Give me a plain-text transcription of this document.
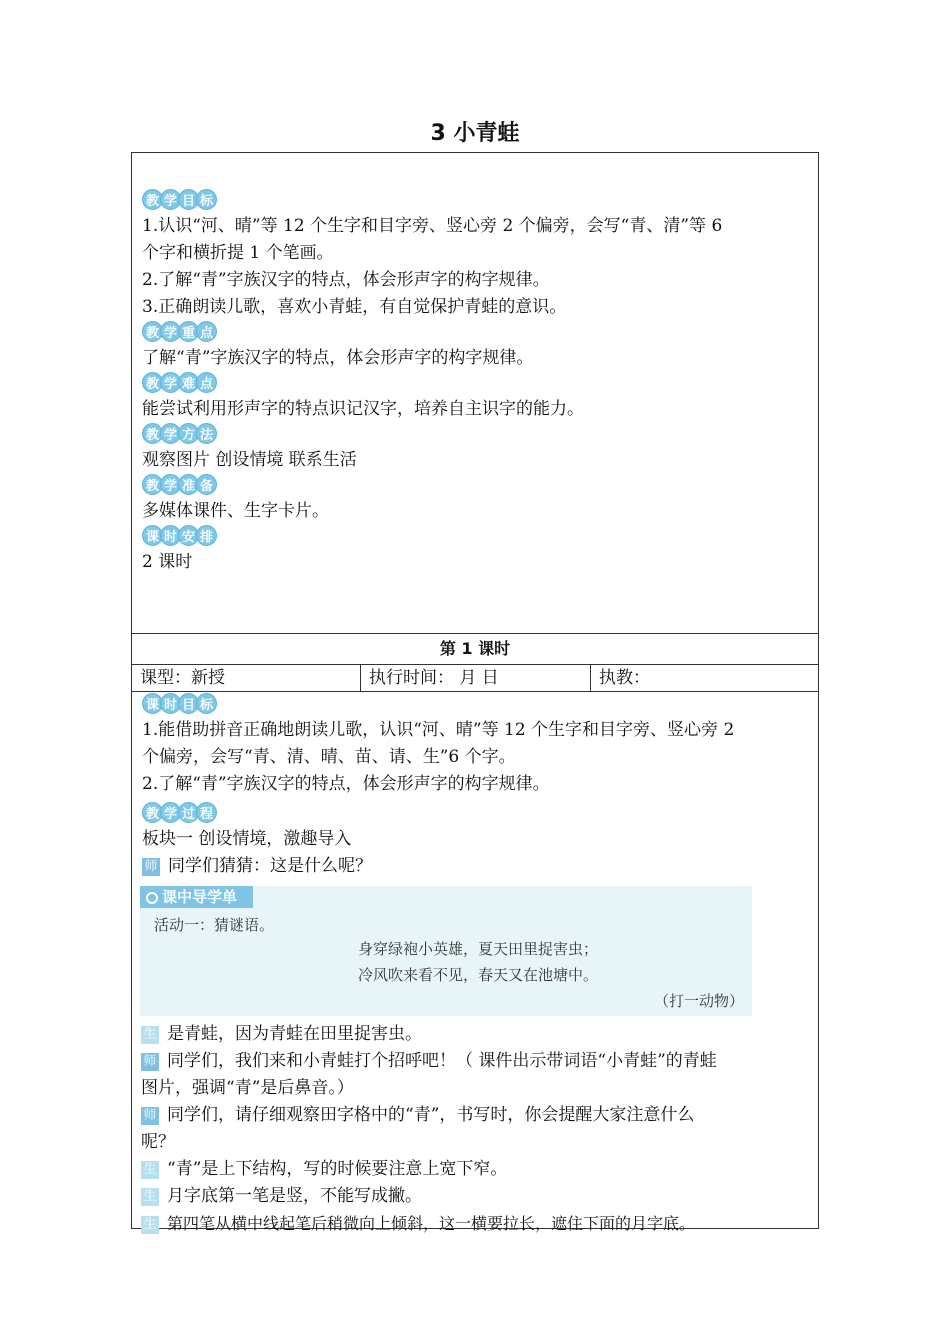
3 小青蛙
教 学 目 标
1.认识“河、晴”等 12 个生字和目字旁、竖心旁 2 个偏旁，会写“青、清”等 6
个字和横折提 1 个笔画。
2.了解“青”字族汉字的特点，体会形声字的构字规律。
3.正确朗读儿歌，喜欢小青蛙，有自觉保护青蛙的意识。
教 学 重 点
了解“青”字族汉字的特点，体会形声字的构字规律。
教 学 难 点
能尝试利用形声字的特点识记汉字，培养自主识字的能力。
教 学 方 法
观察图片 创设情境 联系生活
教 学 准 备
多媒体课件、生字卡片。
课 时 安 排
2 课时
第 1 课时
课型：新授	执行时间： 月 日	执教：
课 时 目 标
1.能借助拼音正确地朗读儿歌，认识“河、晴”等 12 个生字和目字旁、竖心旁 2
个偏旁，会写“青、清、晴、苗、请、生”6 个字。
2.了解“青”字族汉字的特点，体会形声字的构字规律。
教 学 过 程
板块一 创设情境，激趣导入
师 同学们猜猜：这是什么呢？
课中导学单
活动一：猜谜语。
身穿绿袍小英雄，夏天田里捉害虫；
冷风吹来看不见，春天又在池塘中。
（打一动物）
生 是青蛙，因为青蛙在田里捉害虫。
师 同学们，我们来和小青蛙打个招呼吧！（ 课件出示带词语“小青蛙”的青蛙
图片，强调“青”是后鼻音。）
师 同学们，请仔细观察田字格中的“青”，书写时，你会提醒大家注意什么
呢？
生 “青”是上下结构，写的时候要注意上宽下窄。
生 月字底第一笔是竖，不能写成撇。
生 第四笔从横中线起笔后稍微向上倾斜，这一横要拉长，遮住下面的月字底。
